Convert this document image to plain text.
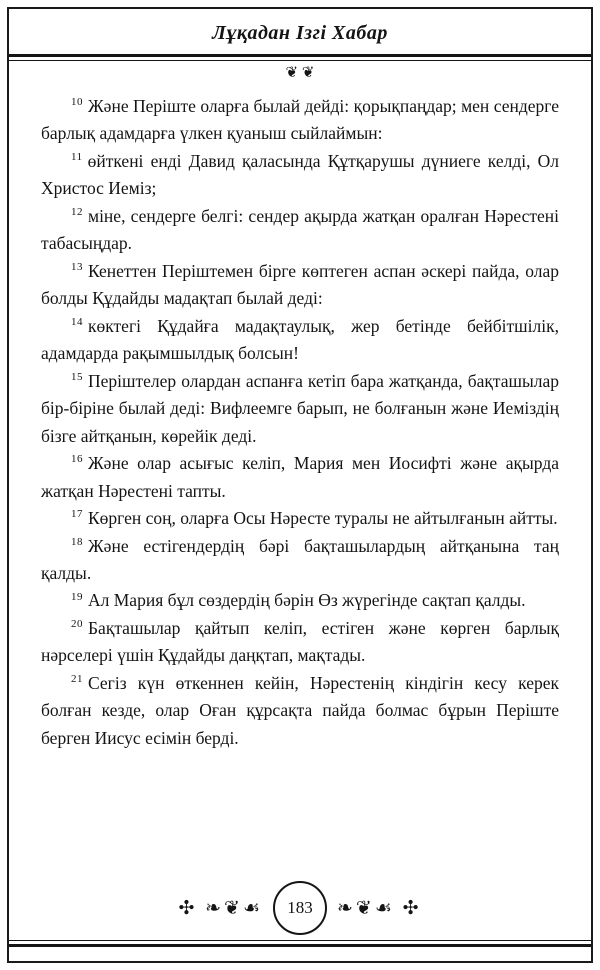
Лұқадан Ізгі Хабар
❦ ❦

$^{10}$ Және Періште оларға былай дейді: қорықпаңдар; мен сендерге барлық адамдарға үлкен қуаныш сыйлаймын:

$^{11}$ өйткені енді Давид қаласында Құтқарушы дүниеге келді, Ол Христос Иеміз;

$^{12}$ міне, сендерге белгі: сендер ақырда жатқан оралған Нәрестені табасыңдар.

$^{13}$ Кенеттен Періштемен бірге көптеген аспан әскері пайда, олар болды Құдайды мадақтап былай деді:

$^{14}$ көктегі Құдайға мадақтаулық, жер бетінде бейбітшілік, адамдарда рақымшылдық болсын!

$^{15}$ Періштелер олардан аспанға кетіп бара жатқанда, бақташылар бір-біріне былай деді: Вифлеемге барып, не болғанын және Иеміздің бізге айтқанын, көрейік деді.

$^{16}$ Және олар асығыс келіп, Мария мен Иосифті және ақырда жатқан Нәрестені тапты.

$^{17}$ Көрген соң, оларға Осы Нәресте туралы не айтылғанын айтты.

$^{18}$ Және естігендердің бәрі бақташылардың айтқанына таң қалды.

$^{19}$ Ал Мария бұл сөздердің бәрін Өз жүрегінде сақтап қалды.

$^{20}$ Бақташылар қайтып келіп, естіген және көрген барлық нәрселері үшін Құдайды даңқтап, мақтады.

$^{21}$ Сегіз күн өткеннен кейін, Нәрестенің кіндігін кесу керек болған кезде, олар Оған құрсақта пайда болмас бұрын Періште берген Иисус есімін берді.

✣ ❧❦☙	183	❧❦☙ ✣
